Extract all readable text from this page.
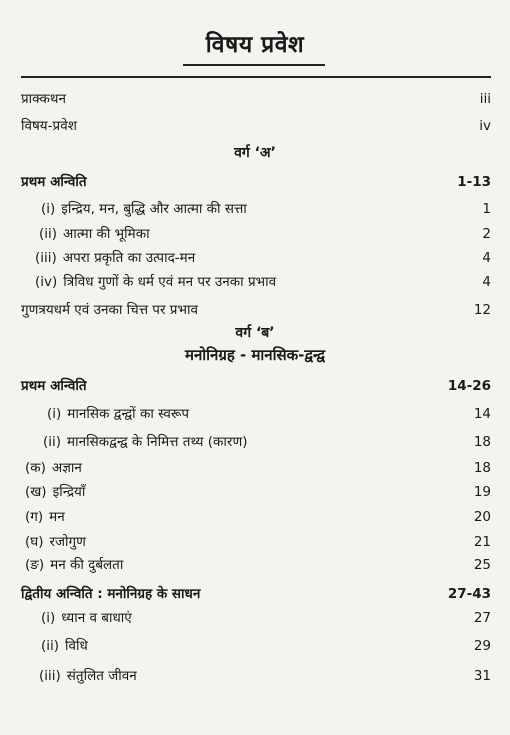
विषय प्रवेश
प्राक्कथन	iii
विषय-प्रवेश	iv
वर्ग ‘अ’
प्रथम अन्विति	1-13
(i) इन्द्रिय, मन, बुद्धि और आत्मा की सत्ता	1
(ii) आत्मा की भूमिका	2
(iii) अपरा प्रकृति का उत्पाद-मन	4
(iv) त्रिविध गुणों के धर्म एवं मन पर उनका प्रभाव	4
गुणत्रयधर्म एवं उनका चित्त पर प्रभाव	12
वर्ग ‘ब’
मनोनिग्रह - मानसिक-द्वन्द्व
प्रथम अन्विति	14-26
(i) मानसिक द्वन्द्वों का स्वरूप	14
(ii) मानसिकद्वन्द्व के निमित्त तथ्य (कारण)	18
(क) अज्ञान	18
(ख) इन्द्रियाँ	19
(ग) मन	20
(घ) रजोगुण	21
(ङ) मन की दुर्बलता	25
द्वितीय अन्विति : मनोनिग्रह के साधन	27-43
(i) ध्यान व बाधाएं	27
(ii) विधि	29
(iii) संतुलित जीवन	31
